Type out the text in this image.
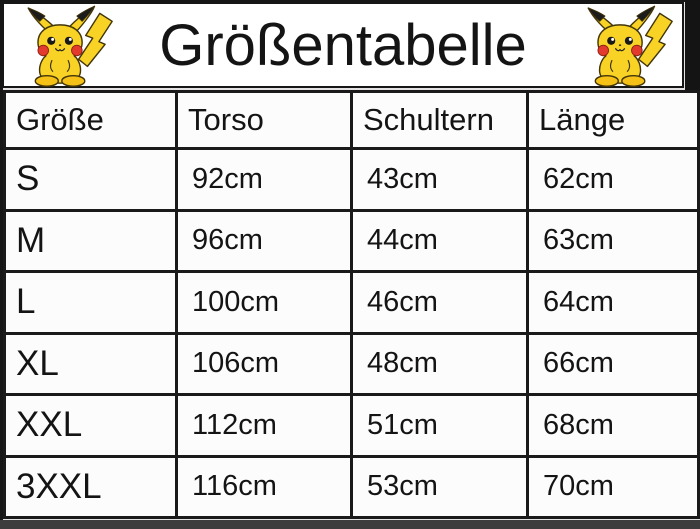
Größentabelle
Größe	Torso	Schultern	Länge
S	92cm	43cm	62cm
M	96cm	44cm	63cm
L	100cm	46cm	64cm
XL	106cm	48cm	66cm
XXL	112cm	51cm	68cm
3XXL	116cm	53cm	70cm
